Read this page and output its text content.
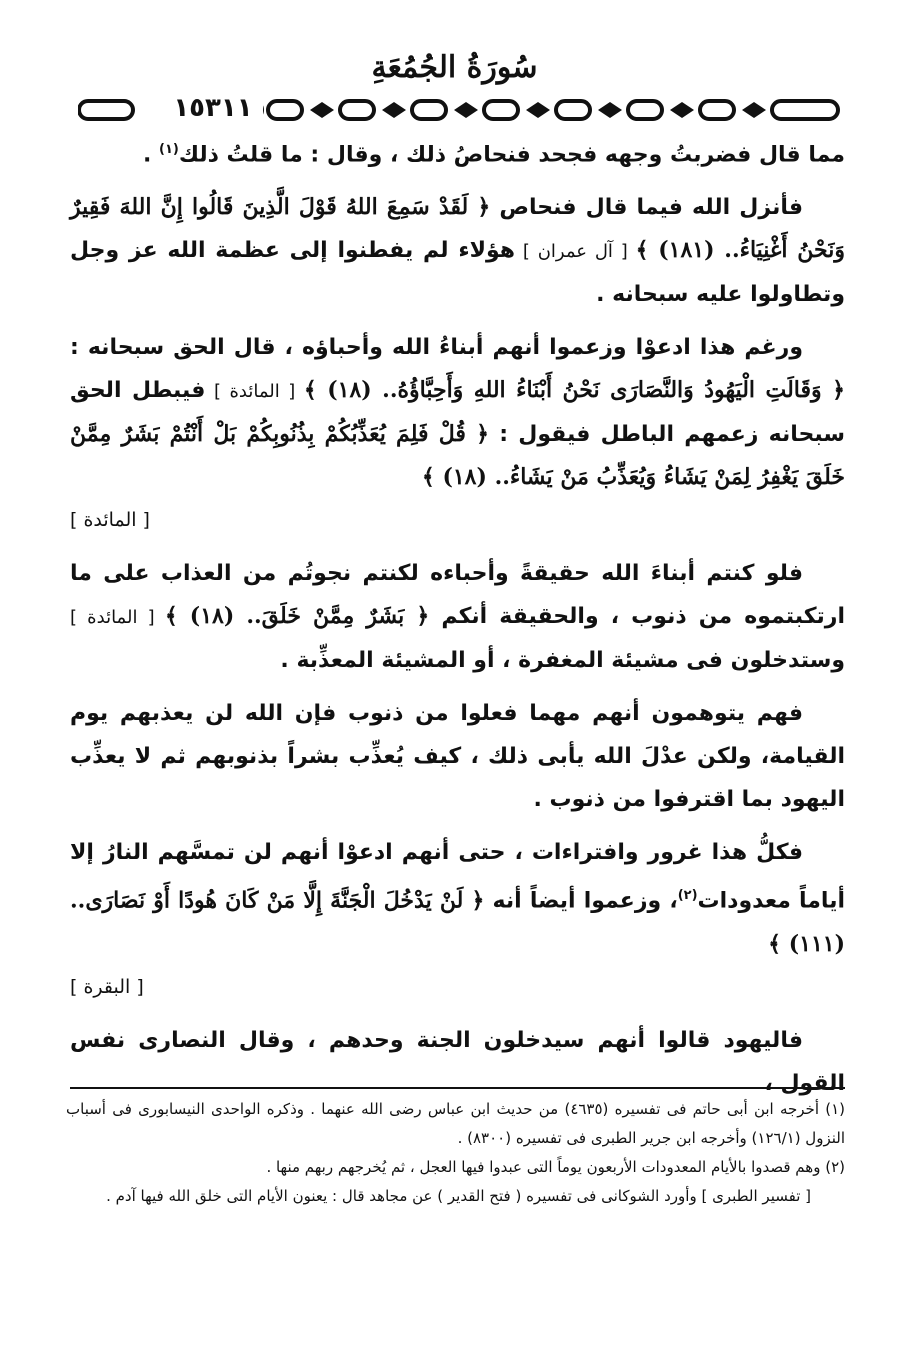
سُورَةُ الجُمُعَةِ
١٥٣١١

مما قال فضربتُ وجهه فجحد فنحاصُ ذلك ، وقال : ما قلتُ ذلك$^{(١)}$ .

فأنزل الله فيما قال فنحاص ﴿ لَقَدْ سَمِعَ اللهُ قَوْلَ الَّذِينَ قَالُوا إِنَّ اللهَ فَقِيرٌ وَنَحْنُ أَغْنِيَاءُ.. (١٨١) ﴾ [ آل عمران ] هؤلاء لم يفطنوا إلى عظمة الله عز وجل وتطاولوا عليه سبحانه .

ورغم هذا ادعوْا وزعموا أنهم أبناءُ الله وأحباؤه ، قال الحق سبحانه : ﴿ وَقَالَتِ الْيَهُودُ وَالنَّصَارَى نَحْنُ أَبْنَاءُ اللهِ وَأَحِبَّاؤُهُ.. (١٨) ﴾ [ المائدة ] فيبطل الحق سبحانه زعمهم الباطل فيقول : ﴿ قُلْ فَلِمَ يُعَذِّبُكُمْ بِذُنُوبِكُمْ بَلْ أَنْتُمْ بَشَرٌ مِمَّنْ خَلَقَ يَغْفِرُ لِمَنْ يَشَاءُ وَيُعَذِّبُ مَنْ يَشَاءُ.. (١٨) ﴾
[ المائدة ]

فلو كنتم أبناءَ الله حقيقةً وأحباءه لكنتم نجوتُم من العذاب على ما ارتكبتموه من ذنوب ، والحقيقة أنكم ﴿ بَشَرٌ مِمَّنْ خَلَقَ.. (١٨) ﴾ [ المائدة ] وستدخلون فى مشيئة المغفرة ، أو المشيئة المعذِّبة .

فهم يتوهمون أنهم مهما فعلوا من ذنوب فإن الله لن يعذبهم يوم القيامة، ولكن عدْلَ الله يأبى ذلك ، كيف يُعذِّب بشراً بذنوبهم ثم لا يعذِّب اليهود بما اقترفوا من ذنوب .

فكلُّ هذا غرور وافتراءات ، حتى أنهم ادعوْا أنهم لن تمسَّهم النارُ إلا أياماً معدودات$^{(٢)}$، وزعموا أيضاً أنه ﴿ لَنْ يَدْخُلَ الْجَنَّةَ إِلَّا مَنْ كَانَ هُودًا أَوْ نَصَارَى.. (١١١) ﴾
[ البقرة ]

فاليهود قالوا أنهم سيدخلون الجنة وحدهم ، وقال النصارى نفس القول ،

(١) أخرجه ابن أبى حاتم فى تفسيره (٤٦٣٥) من حديث ابن عباس رضى الله عنهما . وذكره الواحدى النيسابورى فى أسباب النزول (١٢٦/١) وأخرجه ابن جرير الطبرى فى تفسيره (٨٣٠٠) .

(٢) وهم قصدوا بالأيام المعدودات الأربعون يوماً التى عبدوا فيها العجل ، ثم يُخرجهم ربهم منها .

[ تفسير الطبرى ] وأورد الشوكانى فى تفسيره ( فتح القدير ) عن مجاهد قال : يعنون الأيام التى خلق الله فيها آدم .
